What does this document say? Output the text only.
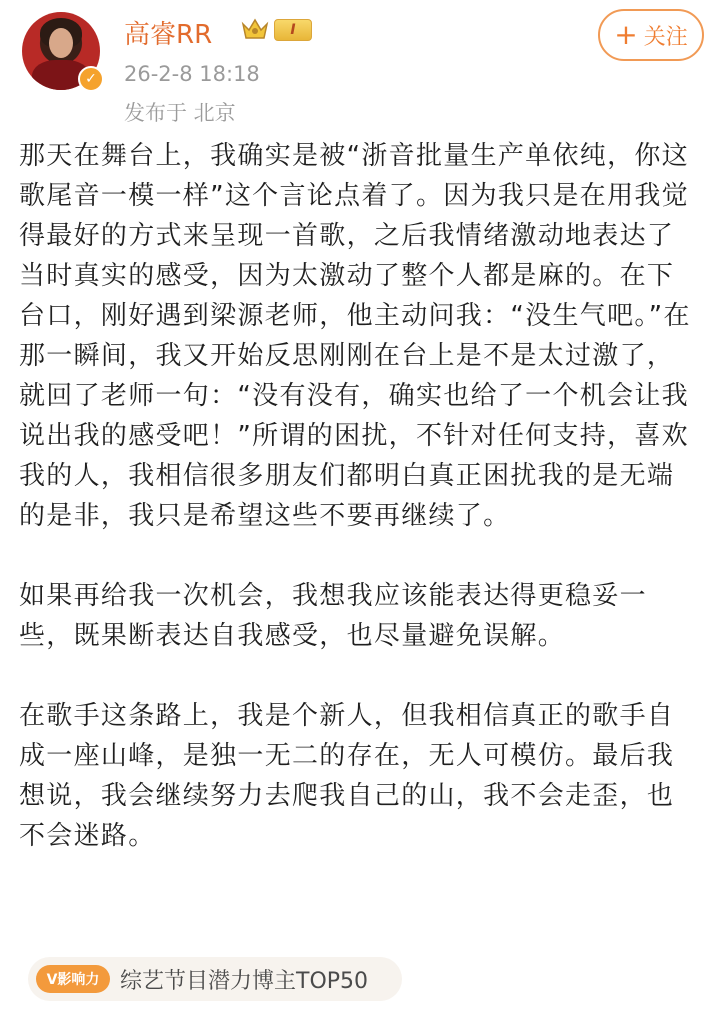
✓
高睿RR	I
26-2-8 18:18
发布于 北京
+ 关注

那天在舞台上，我确实是被“浙音批量生产单依纯，你这歌尾音一模一样”这个言论点着了。因为我只是在用我觉得最好的方式来呈现一首歌，之后我情绪激动地表达了当时真实的感受，因为太激动了整个人都是麻的。在下台口，刚好遇到梁源老师，他主动问我：“没生气吧。”在那一瞬间，我又开始反思刚刚在台上是不是太过激了，就回了老师一句：“没有没有，确实也给了一个机会让我说出我的感受吧！”所谓的困扰，不针对任何支持，喜欢我的人，我相信很多朋友们都明白真正困扰我的是无端的是非，我只是希望这些不要再继续了。

如果再给我一次机会，我想我应该能表达得更稳妥一些，既果断表达自我感受，也尽量避免误解。

在歌手这条路上，我是个新人，但我相信真正的歌手自成一座山峰，是独一无二的存在，无人可模仿。最后我想说，我会继续努力去爬我自己的山，我不会走歪，也不会迷路。

V影响力 综艺节目潜力博主TOP50
